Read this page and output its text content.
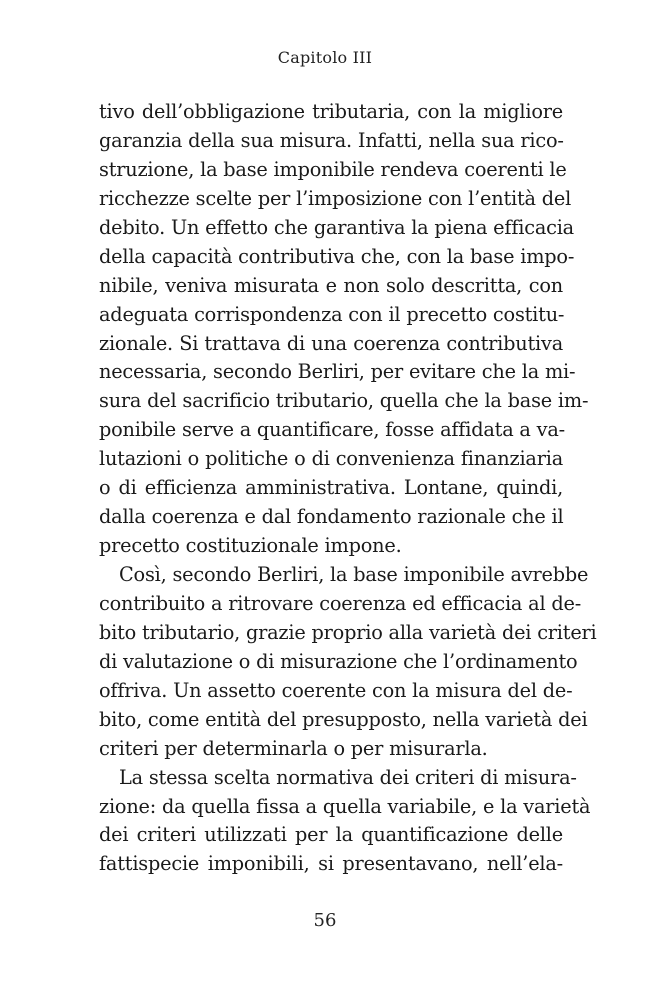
Capitolo III
tivo dell’obbligazione tributaria, con la migliore
garanzia della sua misura. Infatti, nella sua rico-
struzione, la base imponibile rendeva coerenti le
ricchezze scelte per l’imposizione con l’entità del
debito. Un effetto che garantiva la piena efficacia
della capacità contributiva che, con la base impo-
nibile, veniva misurata e non solo descritta, con
adeguata corrispondenza con il precetto costitu-
zionale. Si trattava di una coerenza contributiva
necessaria, secondo Berliri, per evitare che la mi-
sura del sacrificio tributario, quella che la base im-
ponibile serve a quantificare, fosse affidata a va-
lutazioni o politiche o di convenienza finanziaria
o di efficienza amministrativa. Lontane, quindi,
dalla coerenza e dal fondamento razionale che il
precetto costituzionale impone.
Così, secondo Berliri, la base imponibile avrebbe
contribuito a ritrovare coerenza ed efficacia al de-
bito tributario, grazie proprio alla varietà dei criteri
di valutazione o di misurazione che l’ordinamento
offriva. Un assetto coerente con la misura del de-
bito, come entità del presupposto, nella varietà dei
criteri per determinarla o per misurarla.
La stessa scelta normativa dei criteri di misura-
zione: da quella fissa a quella variabile, e la varietà
dei criteri utilizzati per la quantificazione delle
fattispecie imponibili, si presentavano, nell’ela-
56
